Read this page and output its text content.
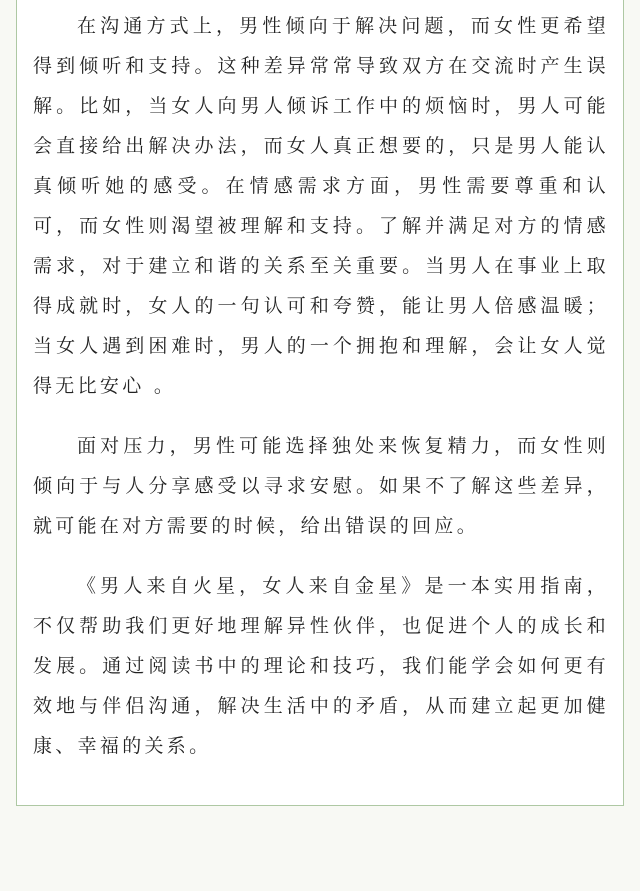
在沟通方式上，男性倾向于解决问题，而女性更希望得到倾听和支持。这种差异常常导致双方在交流时产生误解。比如，当女人向男人倾诉工作中的烦恼时，男人可能会直接给出解决办法，而女人真正想要的，只是男人能认真倾听她的感受。在情感需求方面，男性需要尊重和认可，而女性则渴望被理解和支持。了解并满足对方的情感需求，对于建立和谐的关系至关重要。当男人在事业上取得成就时，女人的一句认可和夸赞，能让男人倍感温暖；当女人遇到困难时，男人的一个拥抱和理解，会让女人觉得无比安心 。

面对压力，男性可能选择独处来恢复精力，而女性则倾向于与人分享感受以寻求安慰。如果不了解这些差异，就可能在对方需要的时候，给出错误的回应。

《男人来自火星，女人来自金星》是一本实用指南，不仅帮助我们更好地理解异性伙伴，也促进个人的成长和发展。通过阅读书中的理论和技巧，我们能学会如何更有效地与伴侣沟通，解决生活中的矛盾，从而建立起更加健康、幸福的关系。
